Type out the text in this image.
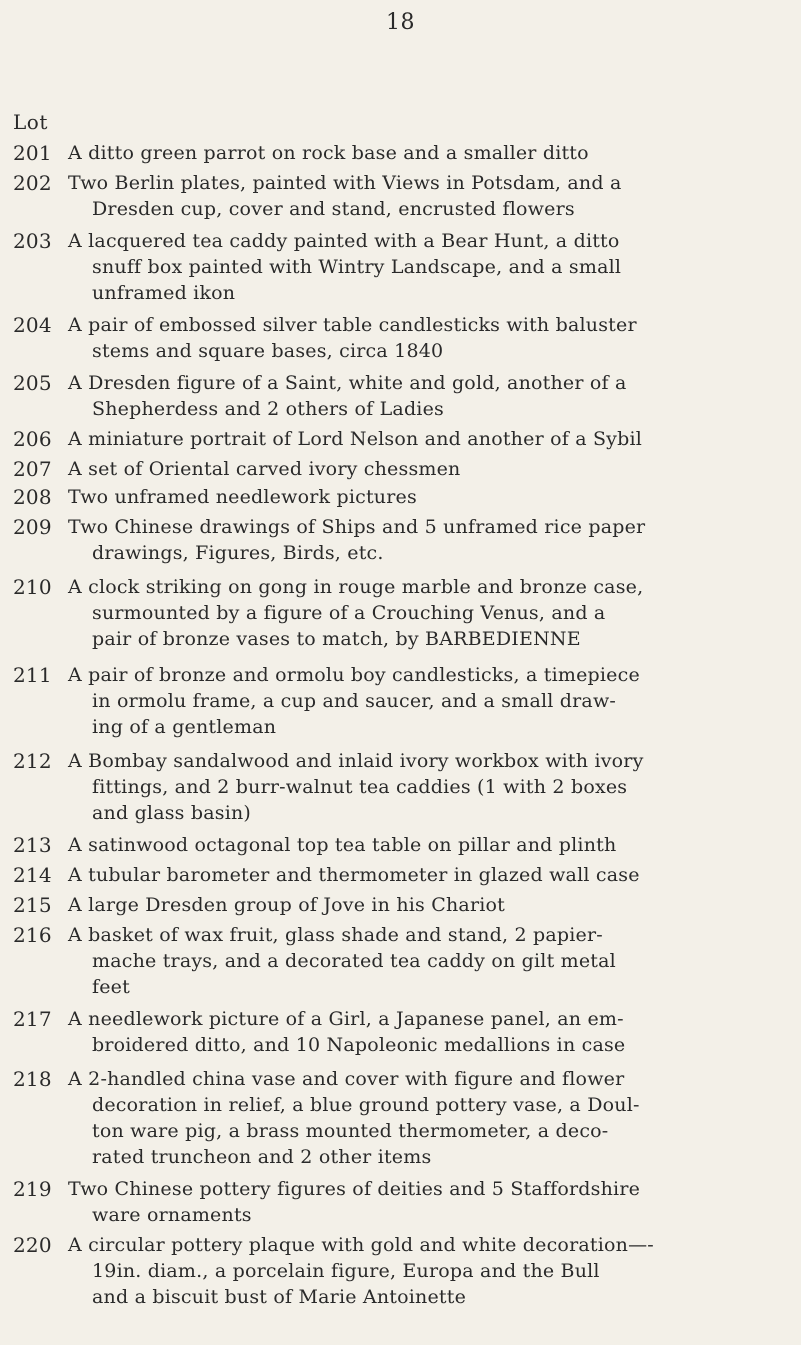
18
Lot
201 A ditto green parrot on rock base and a smaller ditto
202 Two Berlin plates, painted with Views in Potsdam, and a
Dresden cup, cover and stand, encrusted flowers
203 A lacquered tea caddy painted with a Bear Hunt, a ditto
snuff box painted with Wintry Landscape, and a small
unframed ikon
204 A pair of embossed silver table candlesticks with baluster
stems and square bases, circa 1840
205 A Dresden figure of a Saint, white and gold, another of a
Shepherdess and 2 others of Ladies
206 A miniature portrait of Lord Nelson and another of a Sybil
207 A set of Oriental carved ivory chessmen
208 Two unframed needlework pictures
209 Two Chinese drawings of Ships and 5 unframed rice paper
drawings, Figures, Birds, etc.
210 A clock striking on gong in rouge marble and bronze case,
surmounted by a figure of a Crouching Venus, and a
pair of bronze vases to match, by BARBEDIENNE
211 A pair of bronze and ormolu boy candlesticks, a timepiece
in ormolu frame, a cup and saucer, and a small draw-
ing of a gentleman
212 A Bombay sandalwood and inlaid ivory workbox with ivory
fittings, and 2 burr-walnut tea caddies (1 with 2 boxes
and glass basin)
213 A satinwood octagonal top tea table on pillar and plinth
214 A tubular barometer and thermometer in glazed wall case
215 A large Dresden group of Jove in his Chariot
216 A basket of wax fruit, glass shade and stand, 2 papier-
mache trays, and a decorated tea caddy on gilt metal
feet
217 A needlework picture of a Girl, a Japanese panel, an em-
broidered ditto, and 10 Napoleonic medallions in case
218 A 2-handled china vase and cover with figure and flower
decoration in relief, a blue ground pottery vase, a Doul-
ton ware pig, a brass mounted thermometer, a deco-
rated truncheon and 2 other items
219 Two Chinese pottery figures of deities and 5 Staffordshire
ware ornaments
220 A circular pottery plaque with gold and white decoration—-
19in. diam., a porcelain figure, Europa and the Bull
and a biscuit bust of Marie Antoinette
